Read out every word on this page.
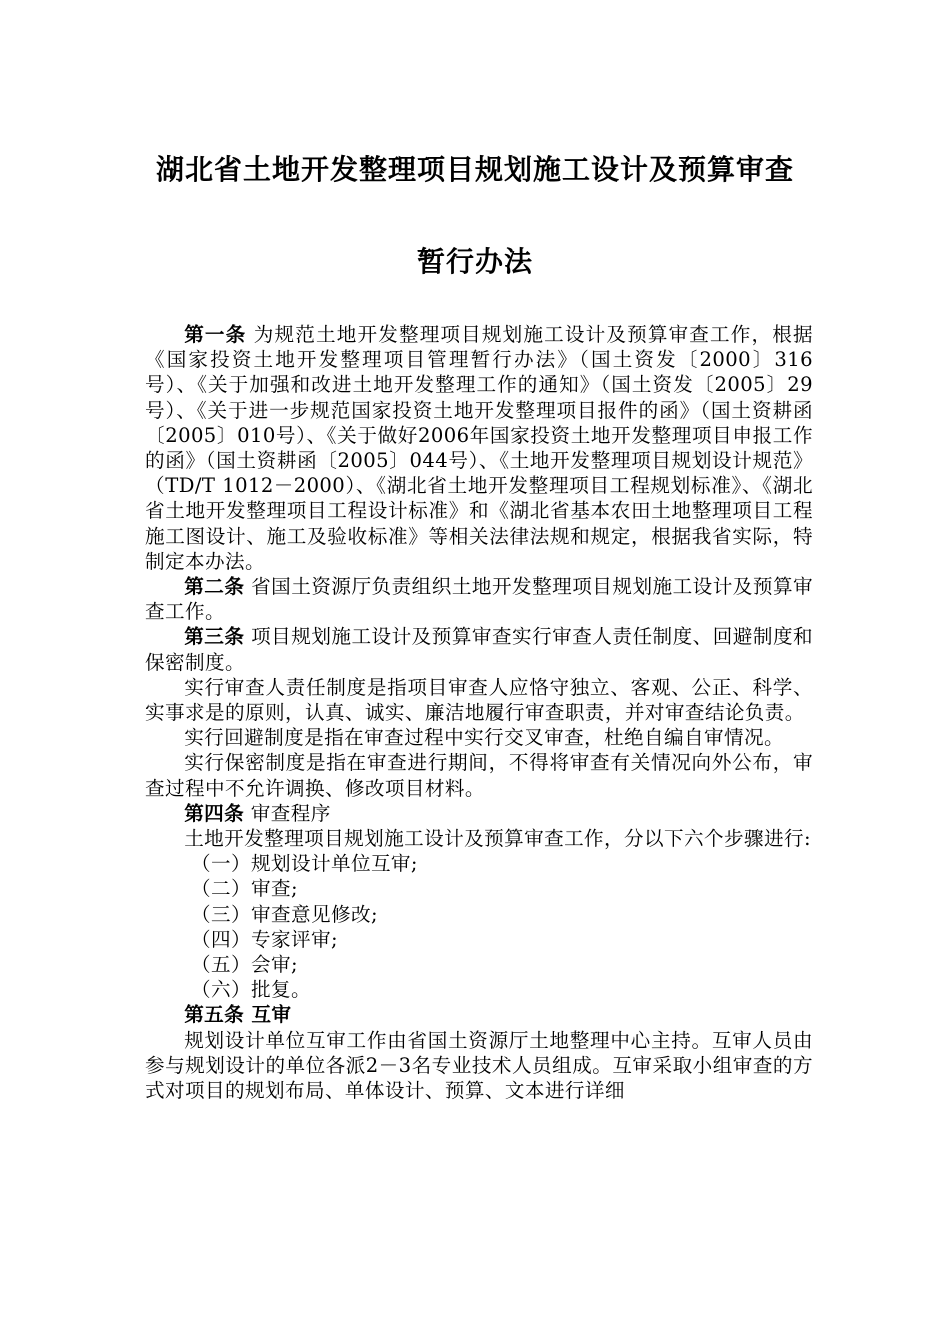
湖北省土地开发整理项目规划施工设计及预算审查
暂行办法

第一条 为规范土地开发整理项目规划施工设计及预算审查工作，根据《国家投资土地开发整理项目管理暂行办法》（国土资发〔2000〕316号）、《关于加强和改进土地开发整理工作的通知》（国土资发〔2005〕29号）、《关于进一步规范国家投资土地开发整理项目报件的函》（国土资耕函〔2005〕010号）、《关于做好2006年国家投资土地开发整理项目申报工作的函》（国土资耕函〔2005〕044号）、《土地开发整理项目规划设计规范》（TD/T 1012－2000）、《湖北省土地开发整理项目工程规划标准》、《湖北省土地开发整理项目工程设计标准》和《湖北省基本农田土地整理项目工程施工图设计、施工及验收标准》等相关法律法规和规定，根据我省实际，特制定本办法。

第二条 省国土资源厅负责组织土地开发整理项目规划施工设计及预算审查工作。

第三条 项目规划施工设计及预算审查实行审查人责任制度、回避制度和保密制度。

实行审查人责任制度是指项目审查人应恪守独立、客观、公正、科学、实事求是的原则，认真、诚实、廉洁地履行审查职责，并对审查结论负责。

实行回避制度是指在审查过程中实行交叉审查，杜绝自编自审情况。

实行保密制度是指在审查进行期间，不得将审查有关情况向外公布，审查过程中不允许调换、修改项目材料。

第四条 审查程序

土地开发整理项目规划施工设计及预算审查工作，分以下六个步骤进行:

（一）规划设计单位互审;

（二）审查;

（三）审查意见修改;

（四）专家评审;

（五）会审;

（六）批复。

第五条 互审

规划设计单位互审工作由省国土资源厅土地整理中心主持。互审人员由参与规划设计的单位各派2－3名专业技术人员组成。互审采取小组审查的方式对项目的规划布局、单体设计、预算、文本进行详细
